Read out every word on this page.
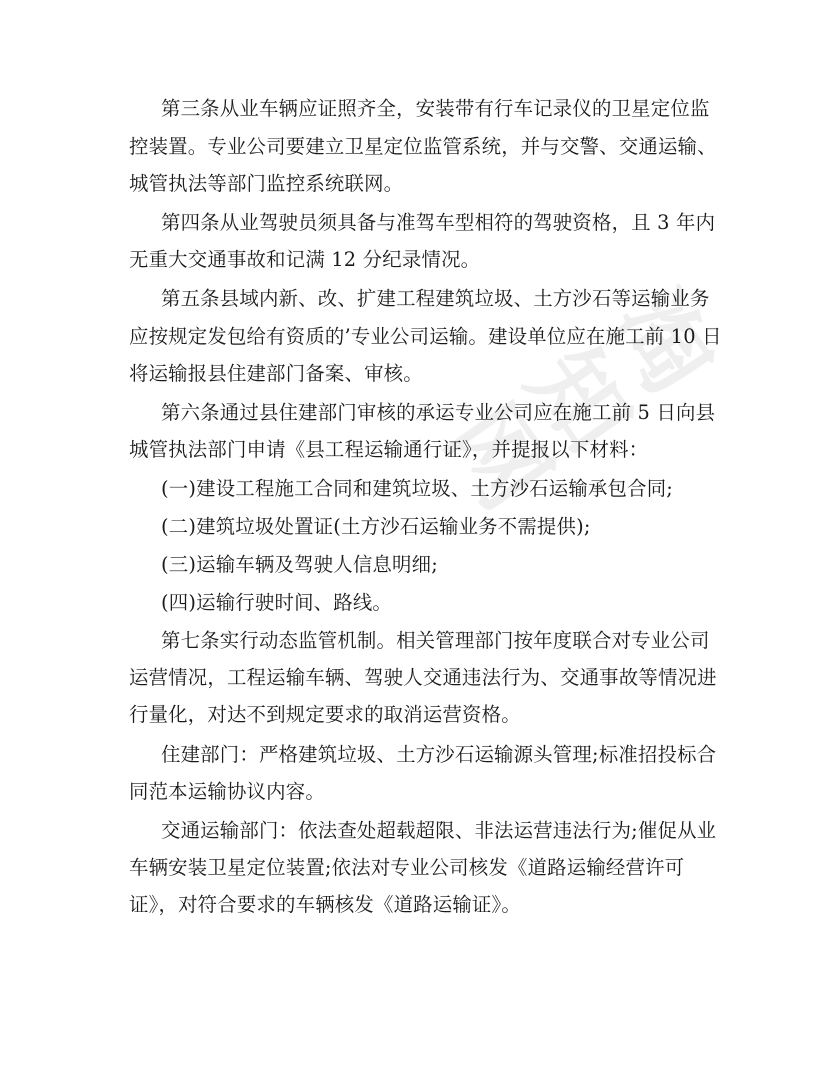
淘
知
网
第三条从业车辆应证照齐全，安装带有行车记录仪的卫星定位监
控装置。专业公司要建立卫星定位监管系统，并与交警、交通运输、
城管执法等部门监控系统联网。
第四条从业驾驶员须具备与准驾车型相符的驾驶资格，且 3 年内
无重大交通事故和记满 12 分纪录情况。
第五条县域内新、改、扩建工程建筑垃圾、土方沙石等运输业务
应按规定发包给有资质的’专业公司运输。建设单位应在施工前 10 日
将运输报县住建部门备案、审核。
第六条通过县住建部门审核的承运专业公司应在施工前 5 日向县
城管执法部门申请《县工程运输通行证》，并提报以下材料：
(一)建设工程施工合同和建筑垃圾、土方沙石运输承包合同;
(二)建筑垃圾处置证(土方沙石运输业务不需提供);
(三)运输车辆及驾驶人信息明细;
(四)运输行驶时间、路线。
第七条实行动态监管机制。相关管理部门按年度联合对专业公司
运营情况，工程运输车辆、驾驶人交通违法行为、交通事故等情况进
行量化，对达不到规定要求的取消运营资格。
住建部门：严格建筑垃圾、土方沙石运输源头管理;标准招投标合
同范本运输协议内容。
交通运输部门：依法查处超载超限、非法运营违法行为;催促从业
车辆安装卫星定位装置;依法对专业公司核发《道路运输经营许可
证》，对符合要求的车辆核发《道路运输证》。
